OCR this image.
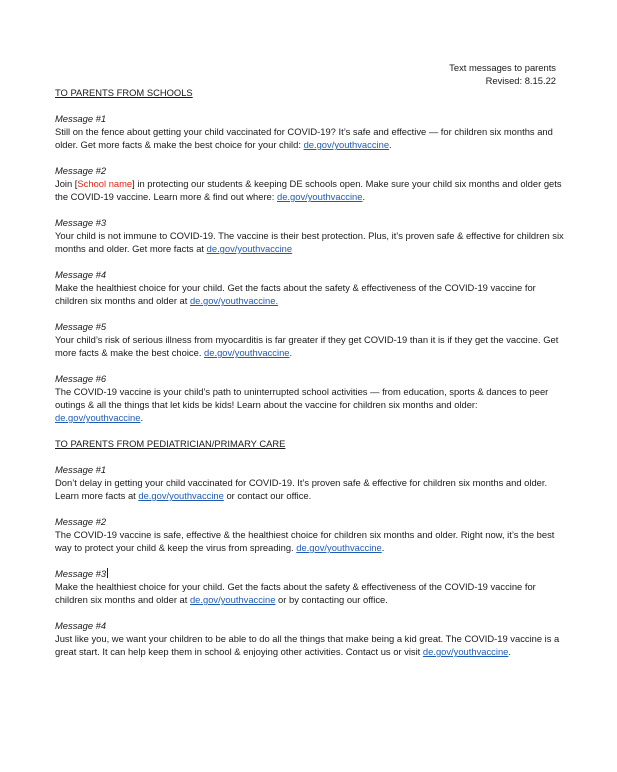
Text messages to parents
Revised: 8.15.22
TO PARENTS FROM SCHOOLS
Message #1
Still on the fence about getting your child vaccinated for COVID-19? It’s safe and effective — for children six months and older. Get more facts & make the best choice for your child: de.gov/youthvaccine.
Message #2
Join [School name] in protecting our students & keeping DE schools open. Make sure your child six months and older gets the COVID-19 vaccine. Learn more & find out where: de.gov/youthvaccine.
Message #3
Your child is not immune to COVID-19. The vaccine is their best protection. Plus, it’s proven safe & effective for children six months and older. Get more facts at de.gov/youthvaccine
Message #4
Make the healthiest choice for your child. Get the facts about the safety & effectiveness of the COVID-19 vaccine for children six months and older at de.gov/youthvaccine.
Message #5
Your child’s risk of serious illness from myocarditis is far greater if they get COVID-19 than it is if they get the vaccine. Get more facts & make the best choice. de.gov/youthvaccine.
Message #6
The COVID-19 vaccine is your child’s path to uninterrupted school activities — from education, sports & dances to peer outings & all the things that let kids be kids! Learn about the vaccine for children six months and older: de.gov/youthvaccine.
TO PARENTS FROM PEDIATRICIAN/PRIMARY CARE
Message #1
Don’t delay in getting your child vaccinated for COVID-19. It’s proven safe & effective for children six months and older. Learn more facts at de.gov/youthvaccine or contact our office.
Message #2
The COVID-19 vaccine is safe, effective & the healthiest choice for children six months and older. Right now, it’s the best way to protect your child & keep the virus from spreading. de.gov/youthvaccine.
Message #3
Make the healthiest choice for your child. Get the facts about the safety & effectiveness of the COVID-19 vaccine for children six months and older at de.gov/youthvaccine or by contacting our office.
Message #4
Just like you, we want your children to be able to do all the things that make being a kid great. The COVID-19 vaccine is a great start. It can help keep them in school & enjoying other activities. Contact us or visit de.gov/youthvaccine.
